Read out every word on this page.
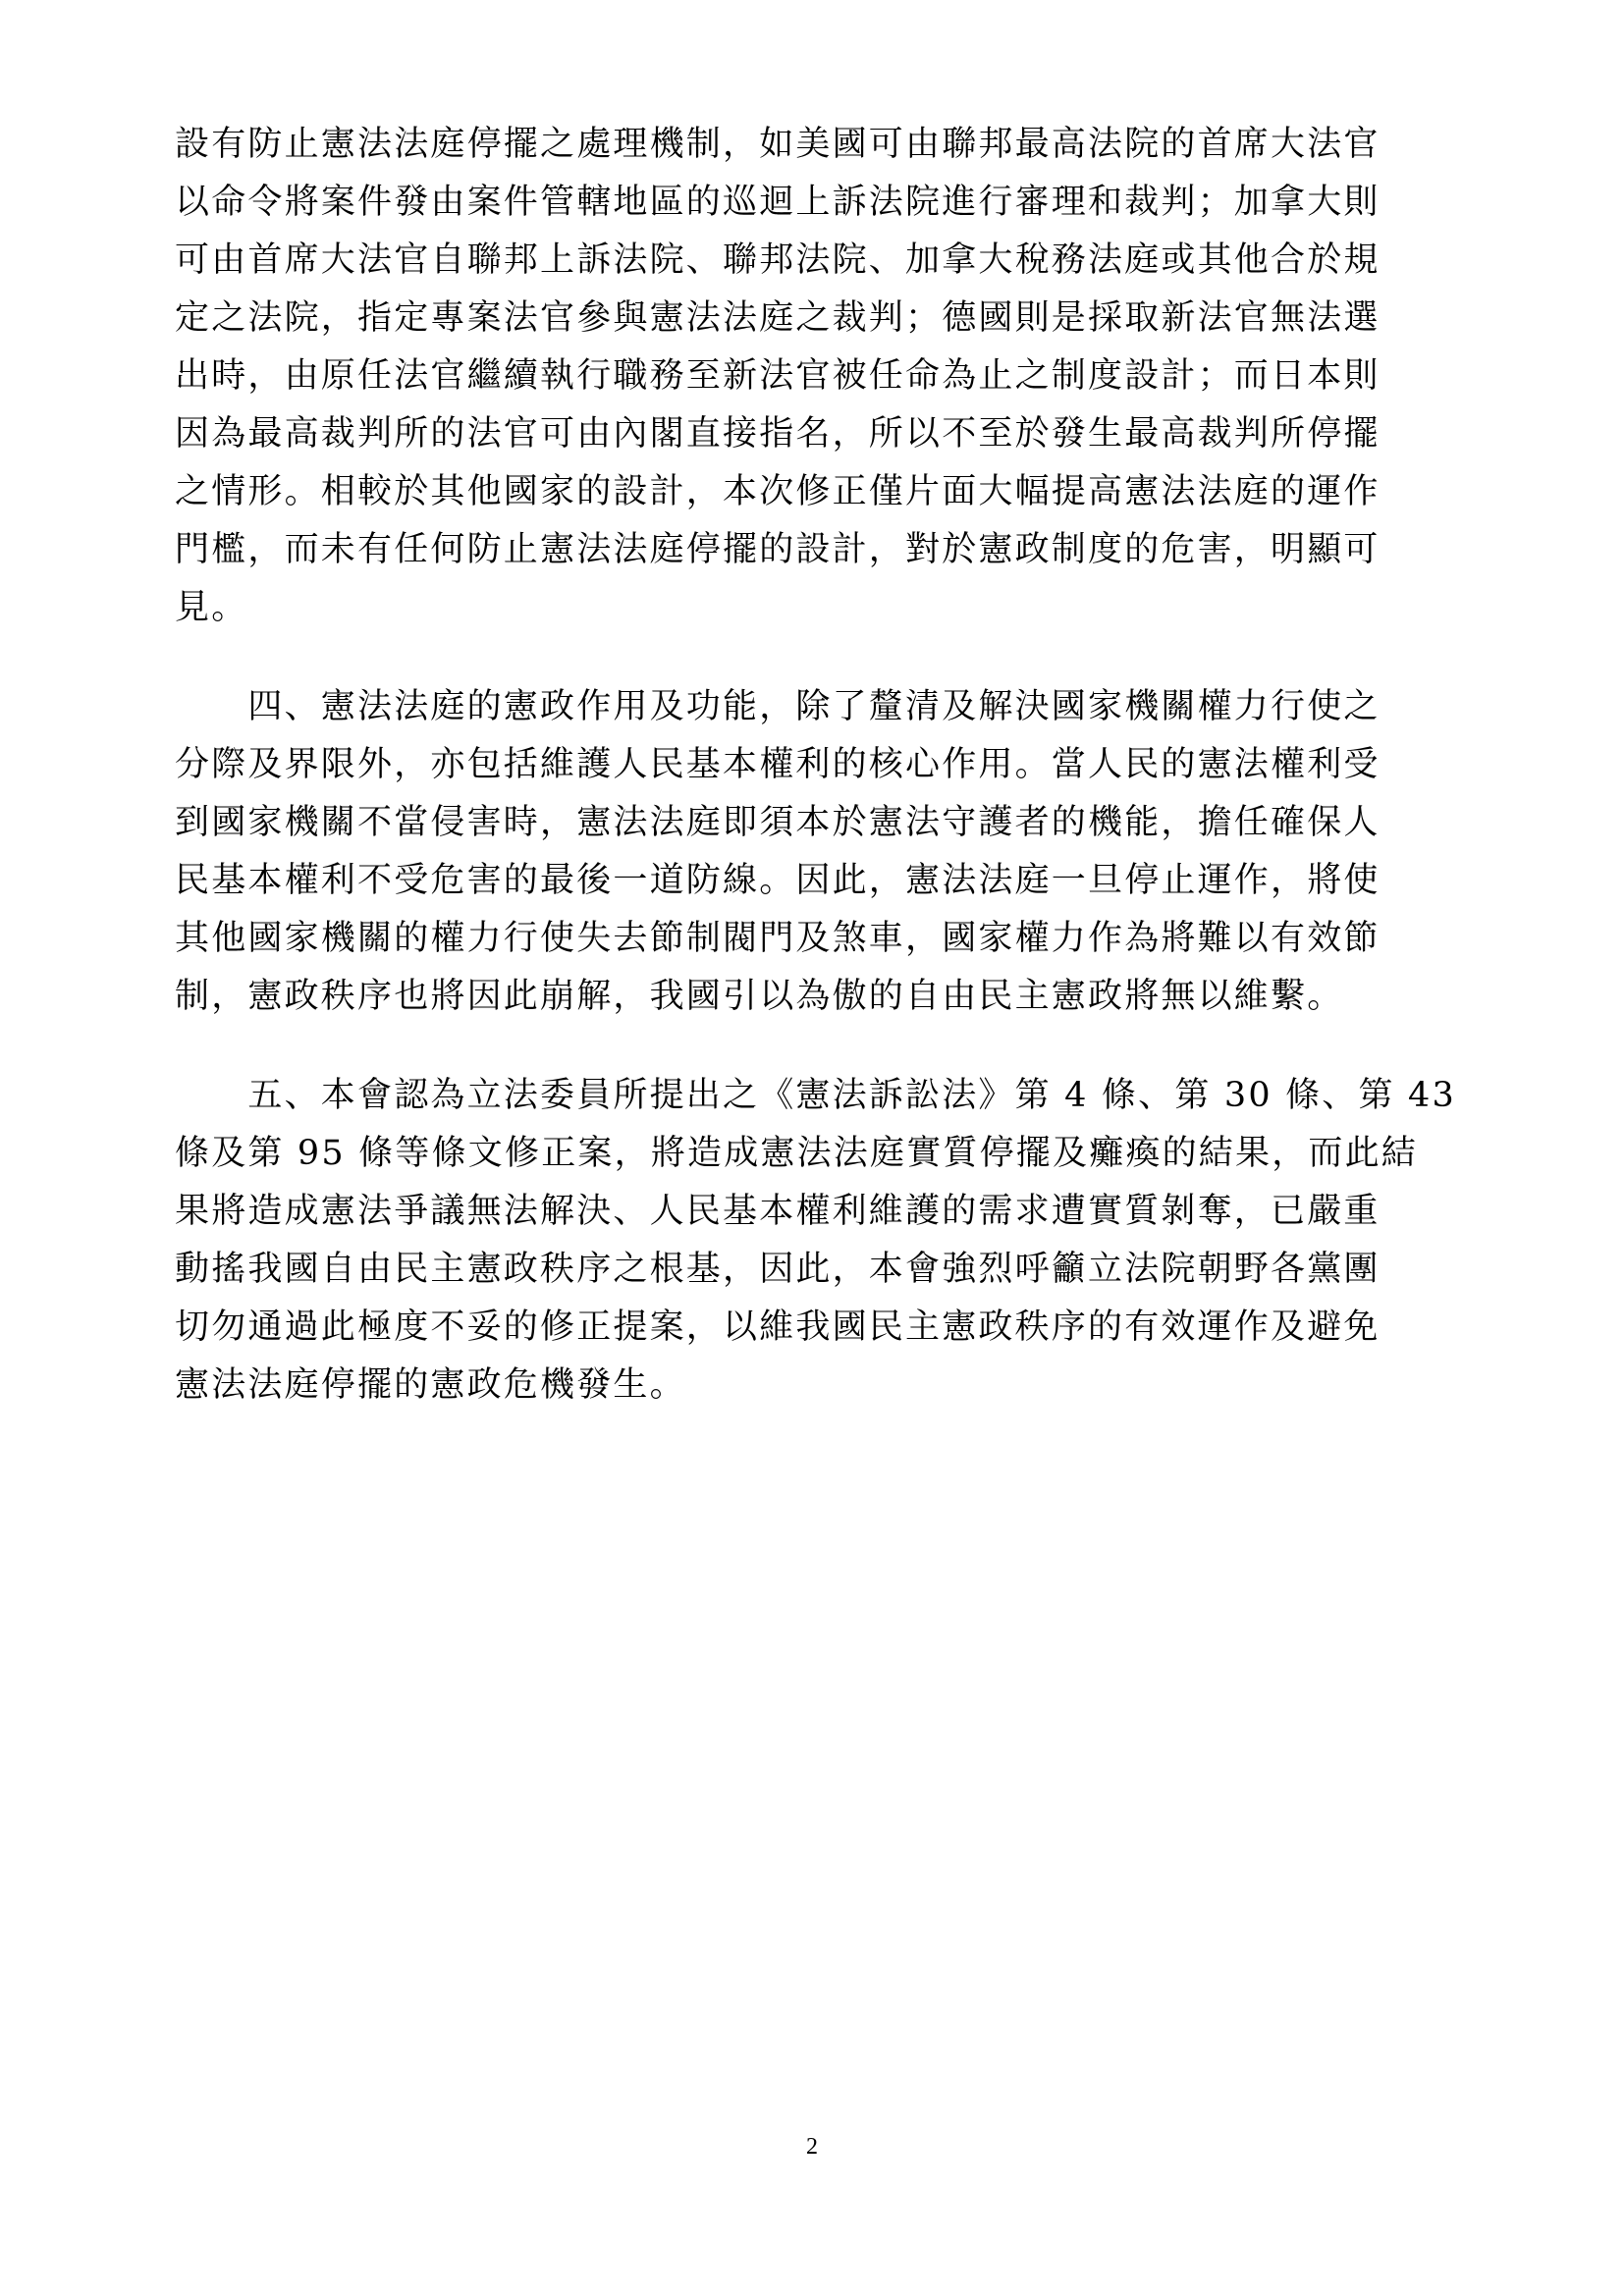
設有防止憲法法庭停擺之處理機制，如美國可由聯邦最高法院的首席大法官
以命令將案件發由案件管轄地區的巡迴上訴法院進行審理和裁判；加拿大則
可由首席大法官自聯邦上訴法院、聯邦法院、加拿大稅務法庭或其他合於規
定之法院，指定專案法官參與憲法法庭之裁判；德國則是採取新法官無法選
出時，由原任法官繼續執行職務至新法官被任命為止之制度設計；而日本則
因為最高裁判所的法官可由內閣直接指名，所以不至於發生最高裁判所停擺
之情形。相較於其他國家的設計，本次修正僅片面大幅提高憲法法庭的運作
門檻，而未有任何防止憲法法庭停擺的設計，對於憲政制度的危害，明顯可
見。
　　四、憲法法庭的憲政作用及功能，除了釐清及解決國家機關權力行使之
分際及界限外，亦包括維護人民基本權利的核心作用。當人民的憲法權利受
到國家機關不當侵害時，憲法法庭即須本於憲法守護者的機能，擔任確保人
民基本權利不受危害的最後一道防線。因此，憲法法庭一旦停止運作，將使
其他國家機關的權力行使失去節制閥門及煞車，國家權力作為將難以有效節
制，憲政秩序也將因此崩解，我國引以為傲的自由民主憲政將無以維繫。
　　五、本會認為立法委員所提出之《憲法訴訟法》第 4 條、第 30 條、第 43
條及第 95 條等條文修正案，將造成憲法法庭實質停擺及癱瘓的結果，而此結
果將造成憲法爭議無法解決、人民基本權利維護的需求遭實質剝奪，已嚴重
動搖我國自由民主憲政秩序之根基，因此，本會強烈呼籲立法院朝野各黨團
切勿通過此極度不妥的修正提案，以維我國民主憲政秩序的有效運作及避免
憲法法庭停擺的憲政危機發生。
2
